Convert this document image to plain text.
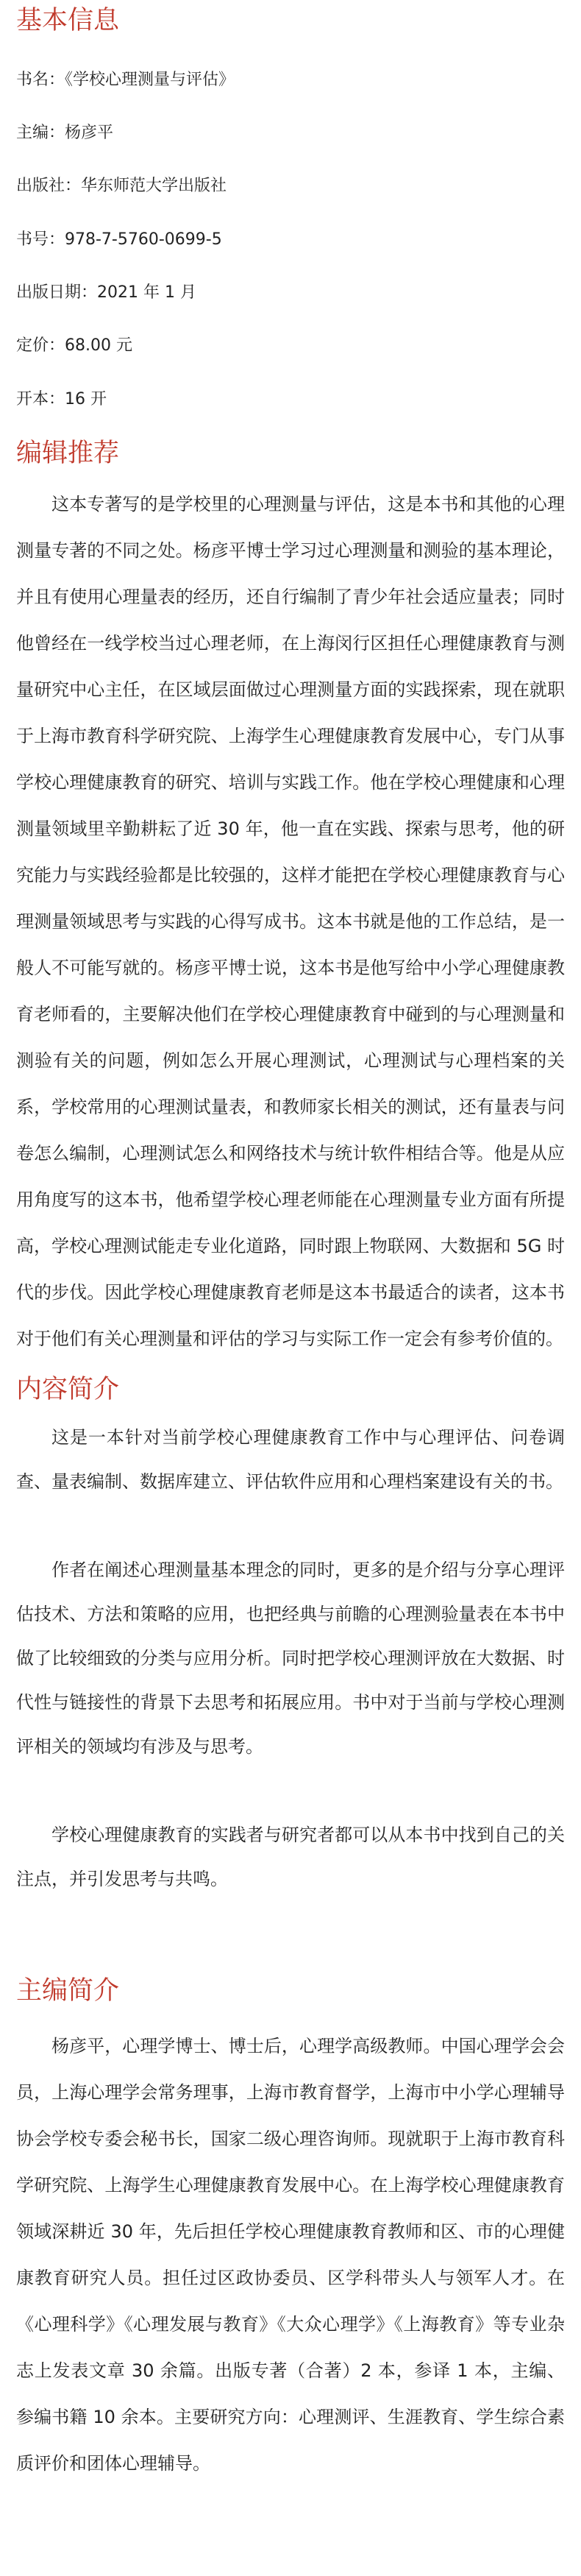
基本信息
书名：《学校心理测量与评估》
主编：杨彦平
出版社：华东师范大学出版社
书号：978-7-5760-0699-5
出版日期：2021 年 1 月
定价：68.00 元
开本：16 开
编辑推荐
这本专著写的是学校里的心理测量与评估，这是本书和其他的心理测量专著的不同之处。杨彦平博士学习过心理测量和测验的基本理论，并且有使用心理量表的经历，还自行编制了青少年社会适应量表；同时他曾经在一线学校当过心理老师，在上海闵行区担任心理健康教育与测量研究中心主任，在区域层面做过心理测量方面的实践探索，现在就职于上海市教育科学研究院、上海学生心理健康教育发展中心，专门从事学校心理健康教育的研究、培训与实践工作。他在学校心理健康和心理测量领域里辛勤耕耘了近 30 年，他一直在实践、探索与思考，他的研究能力与实践经验都是比较强的，这样才能把在学校心理健康教育与心理测量领域思考与实践的心得写成书。这本书就是他的工作总结，是一般人不可能写就的。杨彦平博士说，这本书是他写给中小学心理健康教育老师看的，主要解决他们在学校心理健康教育中碰到的与心理测量和测验有关的问题，例如怎么开展心理测试，心理测试与心理档案的关系，学校常用的心理测试量表，和教师家长相关的测试，还有量表与问卷怎么编制，心理测试怎么和网络技术与统计软件相结合等。他是从应用角度写的这本书，他希望学校心理老师能在心理测量专业方面有所提高，学校心理测试能走专业化道路，同时跟上物联网、大数据和 5G 时代的步伐。因此学校心理健康教育老师是这本书最适合的读者，这本书对于他们有关心理测量和评估的学习与实际工作一定会有参考价值的。
内容简介
这是一本针对当前学校心理健康教育工作中与心理评估、问卷调查、量表编制、数据库建立、评估软件应用和心理档案建设有关的书。
作者在阐述心理测量基本理念的同时，更多的是介绍与分享心理评估技术、方法和策略的应用，也把经典与前瞻的心理测验量表在本书中做了比较细致的分类与应用分析。同时把学校心理测评放在大数据、时代性与链接性的背景下去思考和拓展应用。书中对于当前与学校心理测评相关的领域均有涉及与思考。
学校心理健康教育的实践者与研究者都可以从本书中找到自己的关注点，并引发思考与共鸣。
主编简介
杨彦平，心理学博士、博士后，心理学高级教师。中国心理学会会员，上海心理学会常务理事，上海市教育督学，上海市中小学心理辅导协会学校专委会秘书长，国家二级心理咨询师。现就职于上海市教育科学研究院、上海学生心理健康教育发展中心。在上海学校心理健康教育领域深耕近 30 年，先后担任学校心理健康教育教师和区、市的心理健康教育研究人员。担任过区政协委员、区学科带头人与领军人才。在《心理科学》《心理发展与教育》《大众心理学》《上海教育》等专业杂志上发表文章 30 余篇。出版专著（合著）2 本，参译 1 本，主编、参编书籍 10 余本。主要研究方向：心理测评、生涯教育、学生综合素质评价和团体心理辅导。
